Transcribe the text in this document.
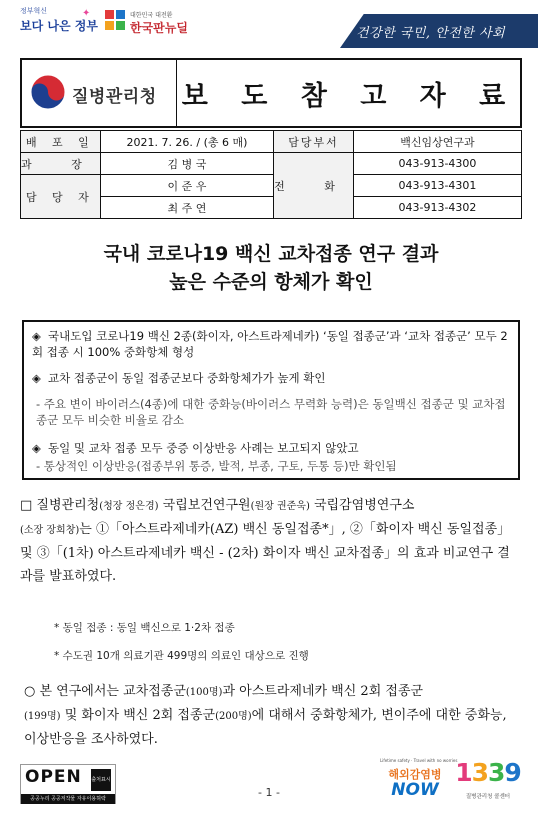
정부혁신
보다 나은 정부
✦	대한민국 대전환
한국판뉴딜	건강한 국민, 안전한 사회
질병관리청 보 도 참 고 자 료
배 포 일	2021. 7. 26. / (총 6 매)	담당부서	백신임상연구과
과 장	김 병 국	전 화	043-913-4300
담 당 자	이 준 우		043-913-4301
	최 주 연		043-913-4302
국내 코로나19 백신 교차접종 연구 결과
높은 수준의 항체가 확인
◈ 국내도입 코로나19 백신 2종(화이자, 아스트라제네카) ‘동일 접종군’과 ‘교차 접종군’ 모두 2회 접종 시 100% 중화항체 형성
◈ 교차 접종군이 동일 접종군보다 중화항체가가 높게 확인
- 주요 변이 바이러스(4종)에 대한 중화능(바이러스 무력화 능력)은 동일백신 접종군 및 교차접종군 모두 비슷한 비율로 감소
◈ 동일 및 교차 접종 모두 중증 이상반응 사례는 보고되지 않았고
- 통상적인 이상반응(접종부위 통증, 발적, 부종, 구토, 두통 등)만 확인됨
□ 질병관리청(청장 정은경) 국립보건연구원(원장 권준욱) 국립감염병연구소
(소장 장희창)는 ①「아스트라제네카(AZ) 백신 동일접종*」, ②「화이자 백신 동일접종」 및 ③「(1차) 아스트라제네카 백신 - (2차) 화이자 백신 교차접종」의 효과 비교연구 결과를 발표하였다.
* 동일 접종 : 동일 백신으로 1·2차 접종
* 수도권 10개 의료기관 499명의 의료인 대상으로 진행
○ 본 연구에서는 교차접종군(100명)과 아스트라제네카 백신 2회 접종군
(199명) 및 화이자 백신 2회 접종군(200명)에 대해서 중화항체가, 변이주에 대한 중화능, 이상반응을 조사하였다.
OPEN 출처표시
공공누리 공공저작물 자유이용허락	- 1 -
Lifetime safety · Travel with no worries
해외감염병
NOW
1339
질병관리청 콜센터
